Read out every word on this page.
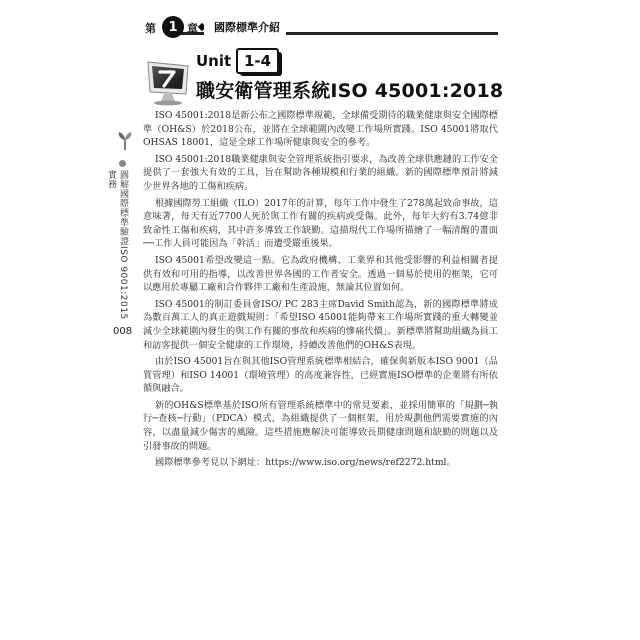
第 1 章	國際標準介紹
Unit 1-4
職安衛管理系統ISO 45001:2018
圖解國際標準驗證ISO 9001:2015實務
008

ISO 45001:2018是新公布之國際標準規範，全球備受期待的職業健康與安全國際標準（OH&S）於2018公布，並將在全球範圍內改變工作場所實踐。ISO 45001將取代OHSAS 18001，這是全球工作場所健康與安全的參考。

ISO 45001:2018職業健康與安全管理系統指引要求，為改善全球供應鏈的工作安全提供了一套強大有效的工具，旨在幫助各種規模和行業的組織。新的國際標準預計將減少世界各地的工傷和疾病。

根據國際勞工組織（ILO）2017年的計算，每年工作中發生了278萬起致命事故，這意味著，每天有近7700人死於與工作有關的疾病或受傷。此外，每年大約有3.74億非致命性工傷和疾病，其中許多導致工作缺勤。這描現代工作場所描繪了一幅清醒的畫面──工作人員可能因為「幹活」而遭受嚴重後果。

ISO 45001希望改變這一點。它為政府機構、工業界和其他受影響的利益相關者提供有效和可用的指導，以改善世界各國的工作者安全。透過一個易於使用的框架，它可以應用於專屬工廠和合作夥伴工廠和生產設施，無論其位置如何。

ISO 45001的制訂委員會ISO/ PC 283主席David Smith認為，新的國際標準將成為數百萬工人的真正遊戲規則：「希望ISO 45001能夠帶來工作場所實踐的重大轉變並減少全球範圍內發生的與工作有關的事故和疾病的慘痛代價」。新標準將幫助組織為員工和訪客提供一個安全健康的工作環境，持續改善他們的OH&S表現。

由於ISO 45001旨在與其他ISO管理系統標準相結合，確保與新版本ISO 9001（品質管理）和ISO 14001（環境管理）的高度兼容性，已經實施ISO標準的企業將有所依循與融合。

新的OH&S標準基於ISO所有管理系統標準中的常見要素，並採用簡單的「規劃─執行─查核─行動」（PDCA）模式，為組織提供了一個框架，用於規劃他們需要實施的內容，以盡量減少傷害的風險。這些措施應解決可能導致長期健康問題和缺勤的問題以及引發事故的問題。

國際標準參考見以下網址：https://www.iso.org/news/ref2272.html。
